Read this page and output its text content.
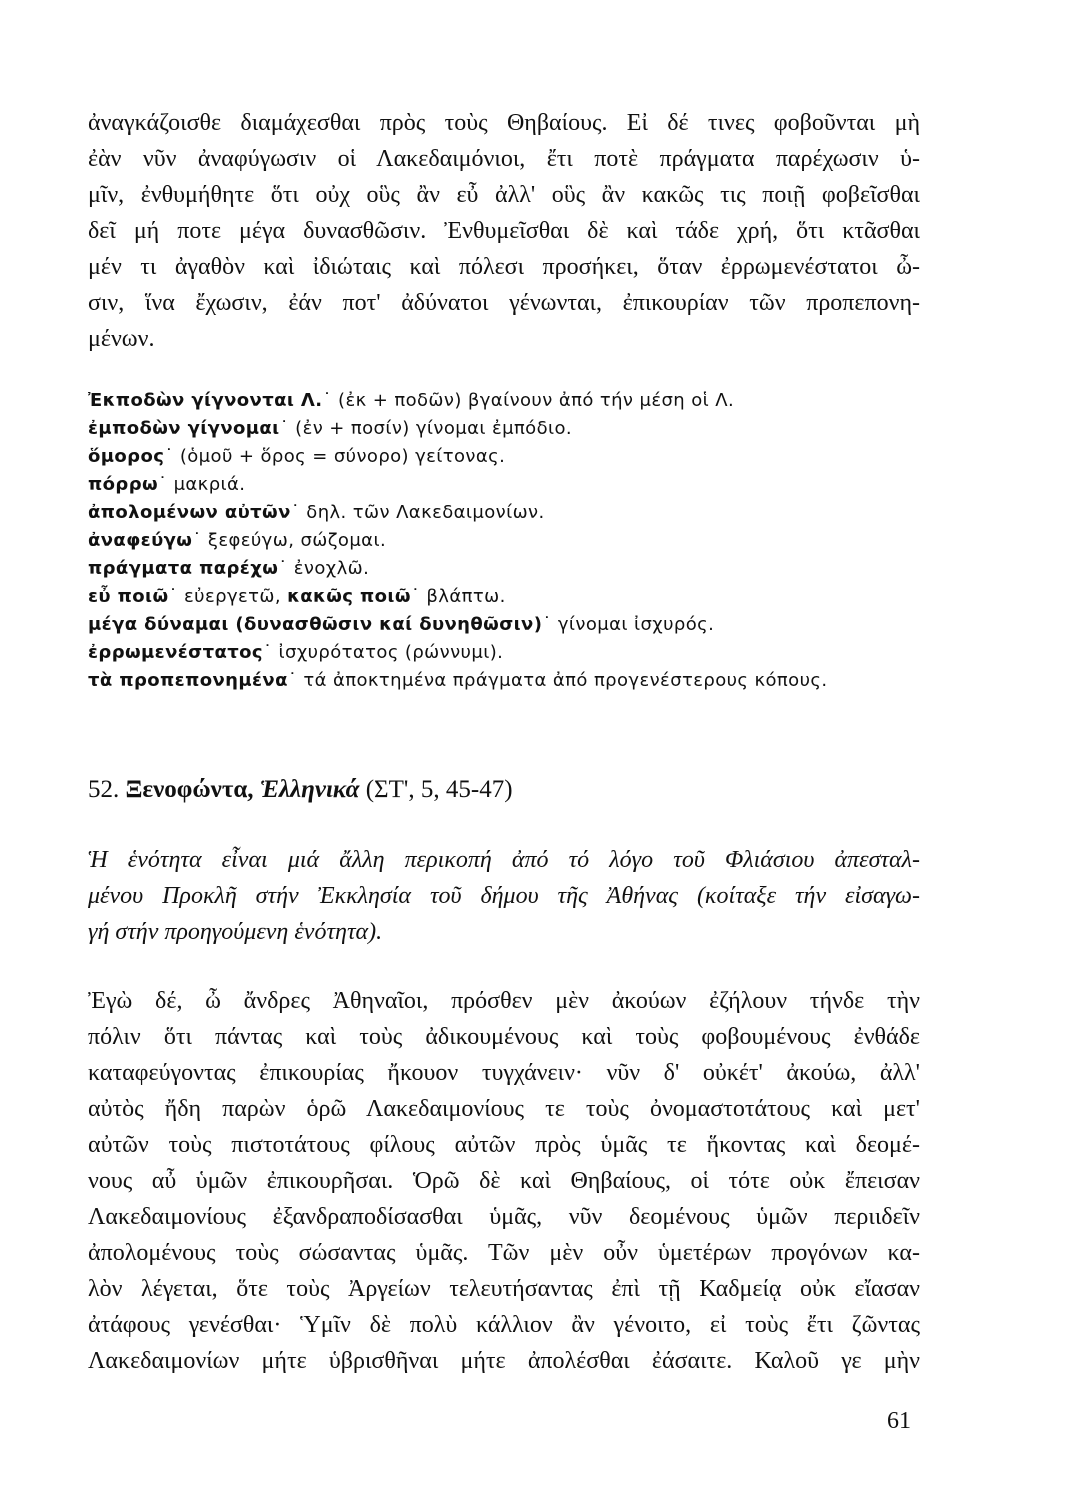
ἀναγκάζοισθε διαμάχεσθαι πρὸς τοὺς Θηβαίους. Εἰ δέ τινες φοβοῦνται μὴ
ἐὰν νῦν ἀναφύγωσιν οἱ Λακεδαιμόνιοι, ἔτι ποτὲ πράγματα παρέχωσιν ὑ-
μῖν, ἐνθυμήθητε ὅτι οὐχ οὓς ἂν εὖ ἀλλ' οὓς ἂν κακῶς τις ποιῇ φοβεῖσθαι
δεῖ μή ποτε μέγα δυνασθῶσιν. Ἐνθυμεῖσθαι δὲ καὶ τάδε χρή, ὅτι κτᾶσθαι
μέν τι ἀγαθὸν καὶ ἰδιώταις καὶ πόλεσι προσήκει, ὅταν ἐρρωμενέστατοι ὦ-
σιν, ἵνα ἔχωσιν, ἐάν ποτ' ἀδύνατοι γένωνται, ἐπικουρίαν τῶν προπεπονη-
μένων.
Ἐκποδὼν γίγνονται Λ.˙ (ἐκ + ποδῶν) βγαίνουν ἀπό τήν μέση οἱ Λ.
ἐμποδὼν γίγνομαι˙ (ἐν + ποσίν) γίνομαι ἐμπόδιο.
ὅμορος˙ (ὁμοῦ + ὅρος = σύνορο) γείτονας.
πόρρω˙ μακριά.
ἀπολομένων αὐτῶν˙ δηλ. τῶν Λακεδαιμονίων.
ἀναφεύγω˙ ξεφεύγω, σώζομαι.
πράγματα παρέχω˙ ἐνοχλῶ.
εὖ ποιῶ˙ εὐεργετῶ, κακῶς ποιῶ˙ βλάπτω.
μέγα δύναμαι (δυνασθῶσιν καί δυνηθῶσιν)˙ γίνομαι ἰσχυρός.
ἐρρωμενέστατος˙ ἰσχυρότατος (ρώννυμι).
τὰ προπεπονημένα˙ τά ἀποκτημένα πράγματα ἀπό προγενέστερους κόπους.
52. Ξενοφώντα, Ἑλληνικά (ΣΤ', 5, 45-47)
Ἡ ἑνότητα εἶναι μιά ἄλλη περικοπή ἀπό τό λόγο τοῦ Φλιάσιου ἀπεσταλ-
μένου Προκλῆ στήν Ἐκκλησία τοῦ δήμου τῆς Ἀθήνας (κοίταξε τήν εἰσαγω-
γή στήν προηγούμενη ἑνότητα).
Ἐγὼ δέ, ὦ ἄνδρες Ἀθηναῖοι, πρόσθεν μὲν ἀκούων ἐζήλουν τήνδε τὴν
πόλιν ὅτι πάντας καὶ τοὺς ἀδικουμένους καὶ τοὺς φοβουμένους ἐνθάδε
καταφεύγοντας ἐπικουρίας ἤκουον τυγχάνειν· νῦν δ' οὐκέτ' ἀκούω, ἀλλ'
αὐτὸς ἤδη παρὼν ὁρῶ Λακεδαιμονίους τε τοὺς ὀνομαστοτάτους καὶ μετ'
αὐτῶν τοὺς πιστοτάτους φίλους αὐτῶν πρὸς ὑμᾶς τε ἥκοντας καὶ δεομέ-
νους αὖ ὑμῶν ἐπικουρῆσαι. Ὁρῶ δὲ καὶ Θηβαίους, οἱ τότε οὐκ ἔπεισαν
Λακεδαιμονίους ἐξανδραποδίσασθαι ὑμᾶς, νῦν δεομένους ὑμῶν περιιδεῖν
ἀπολομένους τοὺς σώσαντας ὑμᾶς. Τῶν μὲν οὖν ὑμετέρων προγόνων κα-
λὸν λέγεται, ὅτε τοὺς Ἀργείων τελευτήσαντας ἐπὶ τῇ Καδμείᾳ οὐκ εἴασαν
ἀτάφους γενέσθαι· Ὑμῖν δὲ πολὺ κάλλιον ἂν γένοιτο, εἰ τοὺς ἔτι ζῶντας
Λακεδαιμονίων μήτε ὑβρισθῆναι μήτε ἀπολέσθαι ἐάσαιτε. Καλοῦ γε μὴν
61
